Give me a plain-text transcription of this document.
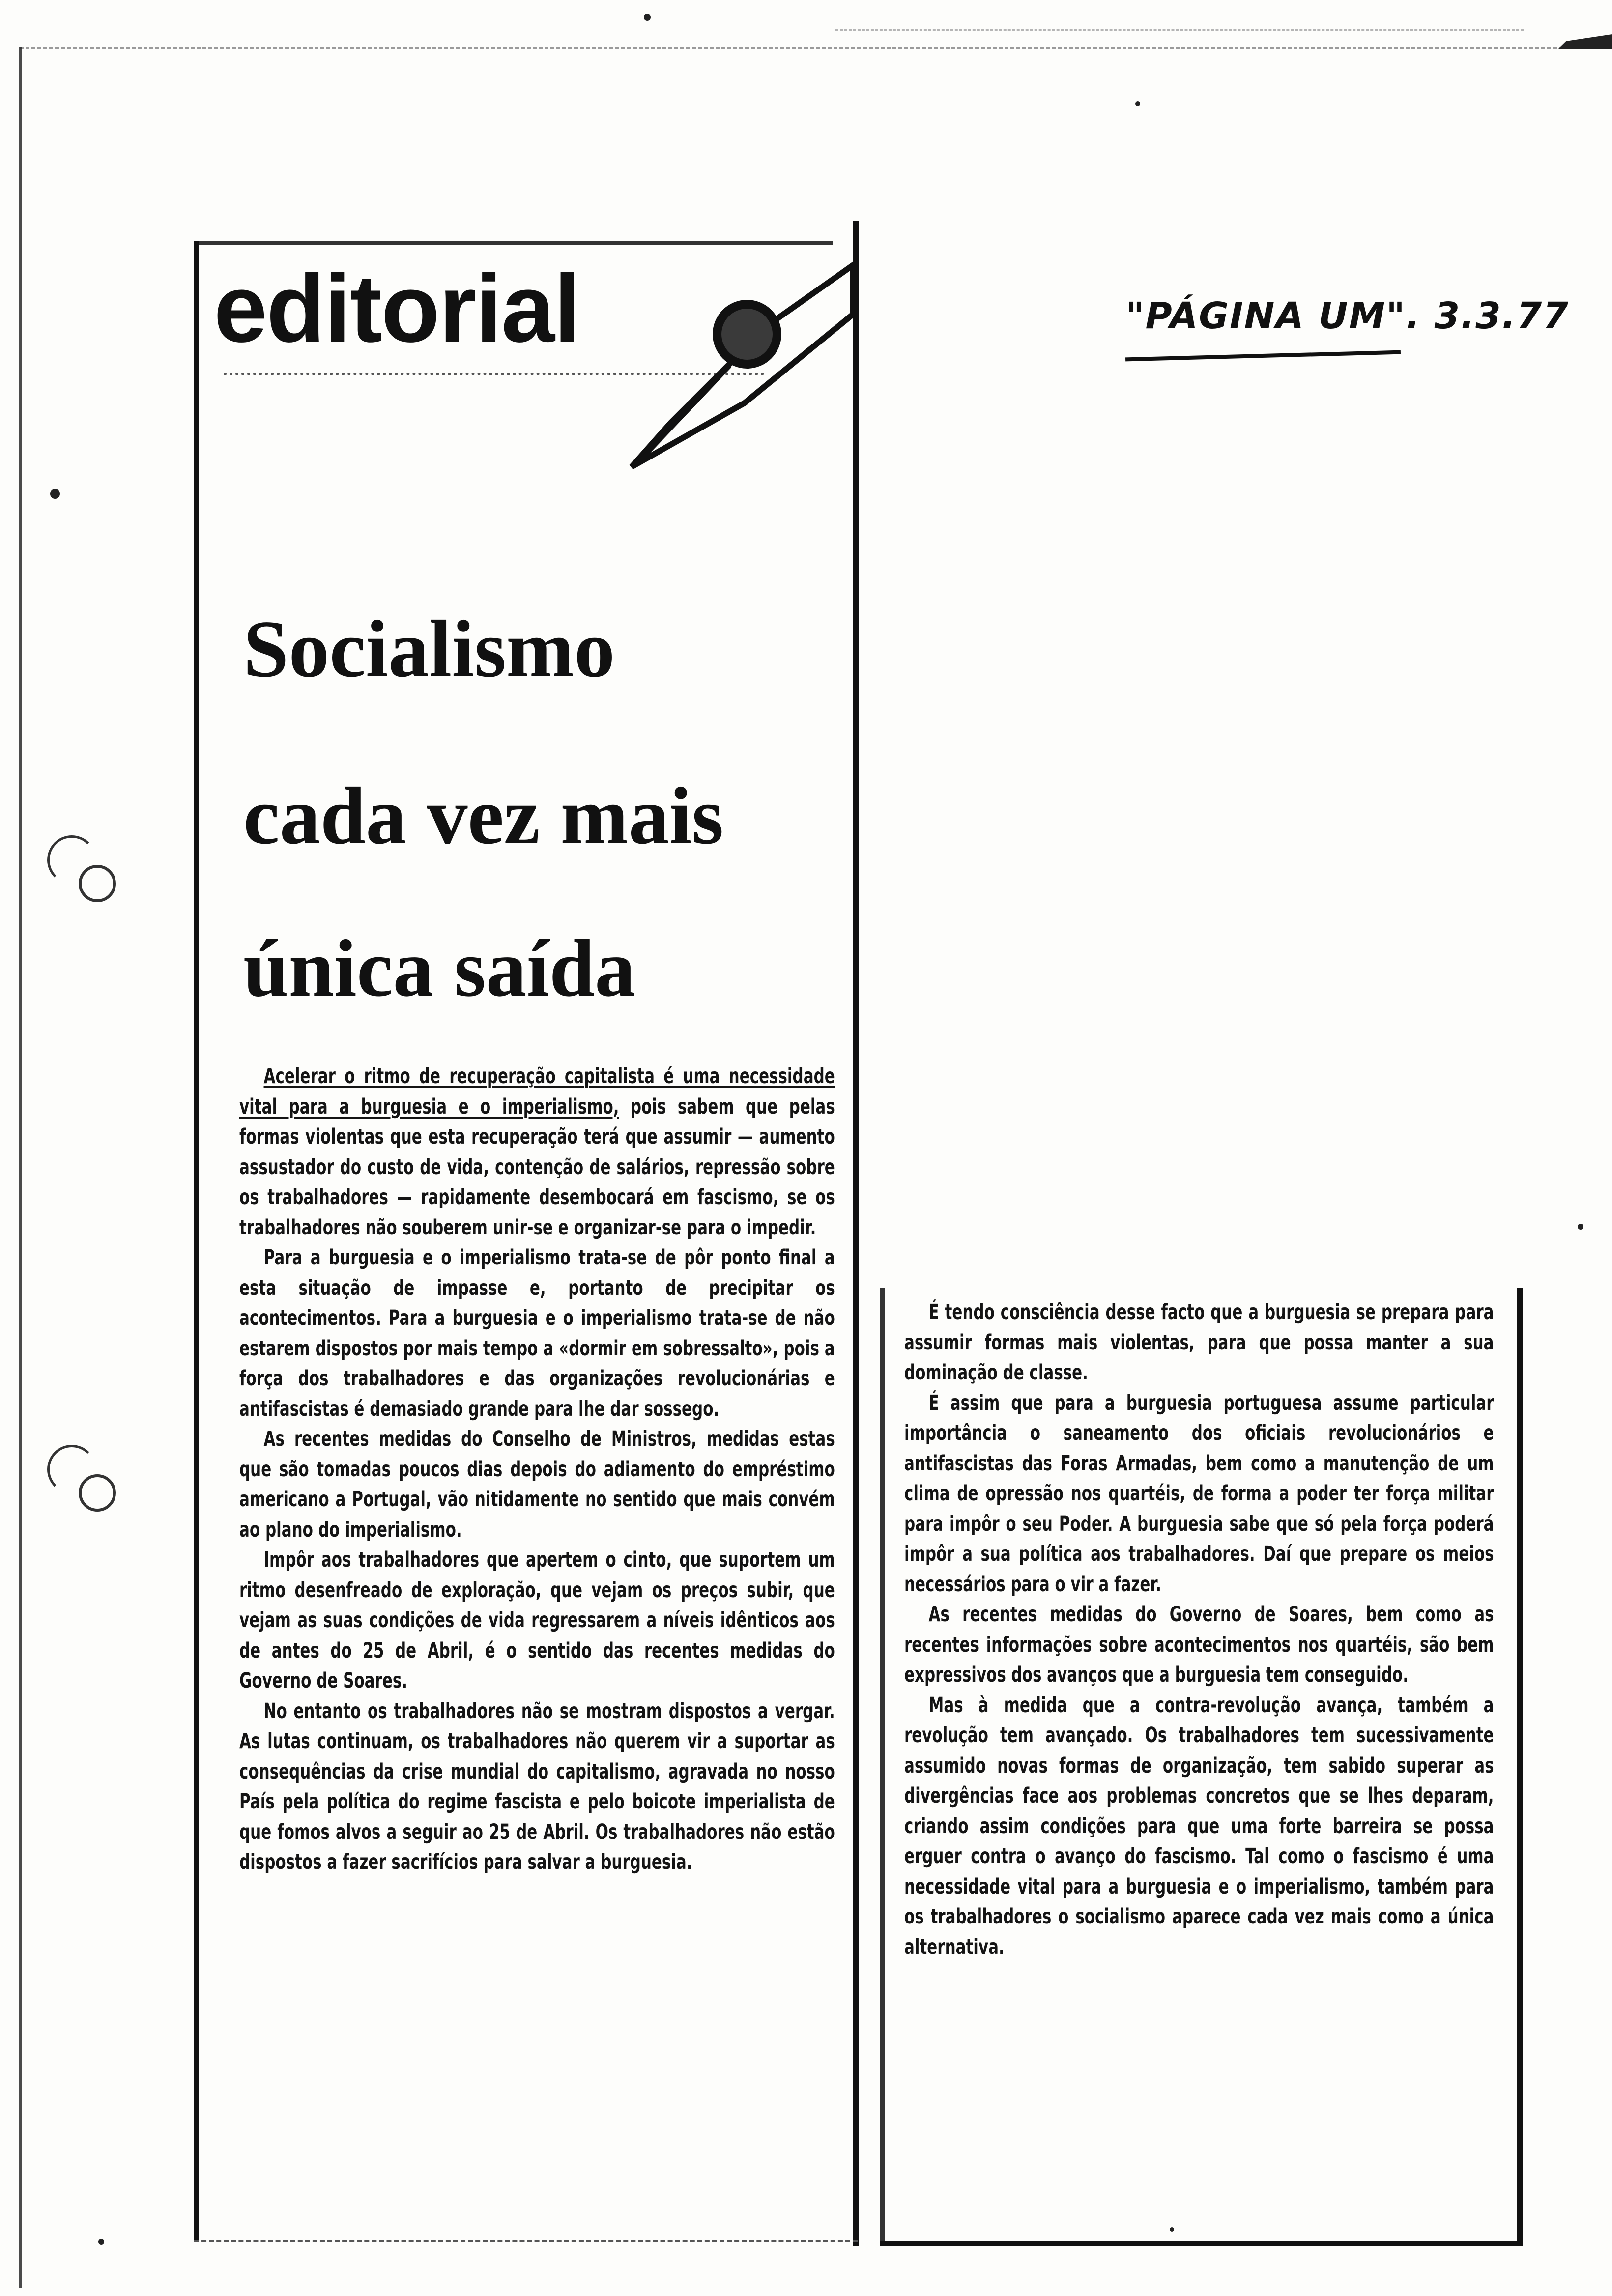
"PÁGINA UM". 3.3.77
editorial
Socialismo
cada vez mais
única saída

Acelerar o ritmo de recuperação capitalista é uma necessidade vital para a burguesia e o imperialismo, pois sabem que pelas formas violentas que esta recuperação terá que assumir — aumento assustador do custo de vida, contenção de salários, repressão sobre os trabalhadores — rapidamente desembocará em fascismo, se os trabalhadores não souberem unir-se e organizar-se para o impedir.

Para a burguesia e o imperialismo trata-se de pôr ponto final a esta situação de impasse e, portanto de precipitar os acontecimentos. Para a burguesia e o imperialismo trata-se de não estarem dispostos por mais tempo a «dormir em sobressalto», pois a força dos trabalhadores e das organizações revolucionárias e antifascistas é demasiado grande para lhe dar sossego.

As recentes medidas do Conselho de Ministros, medidas estas que são tomadas poucos dias depois do adiamento do empréstimo americano a Portugal, vão nitidamente no sentido que mais convém ao plano do imperialismo.

Impôr aos trabalhadores que apertem o cinto, que suportem um ritmo desenfreado de exploração, que vejam os preços subir, que vejam as suas condições de vida regressarem a níveis idênticos aos de antes do 25 de Abril, é o sentido das recentes medidas do Governo de Soares.

No entanto os trabalhadores não se mostram dispostos a vergar. As lutas continuam, os trabalhadores não querem vir a suportar as consequências da crise mundial do capitalismo, agravada no nosso País pela política do regime fascista e pelo boicote imperialista de que fomos alvos a seguir ao 25 de Abril. Os trabalhadores não estão dispostos a fazer sacrifícios para salvar a burguesia.

É tendo consciência desse facto que a burguesia se prepara para assumir formas mais violentas, para que possa manter a sua dominação de classe.

É assim que para a burguesia portuguesa assume particular importância o saneamento dos oficiais revolucionários e antifascistas das Foras Armadas, bem como a manutenção de um clima de opressão nos quartéis, de forma a poder ter força militar para impôr o seu Poder. A burguesia sabe que só pela força poderá impôr a sua política aos trabalhadores. Daí que prepare os meios necessários para o vir a fazer.

As recentes medidas do Governo de Soares, bem como as recentes informações sobre acontecimentos nos quartéis, são bem expressivos dos avanços que a burguesia tem conseguido.

Mas à medida que a contra-revolução avança, também a revolução tem avançado. Os trabalhadores tem sucessivamente assumido novas formas de organização, tem sabido superar as divergências face aos problemas concretos que se lhes deparam, criando assim condições para que uma forte barreira se possa erguer contra o avanço do fascismo. Tal como o fascismo é uma necessidade vital para a burguesia e o imperialismo, também para os trabalhadores o socialismo aparece cada vez mais como a única alternativa.
